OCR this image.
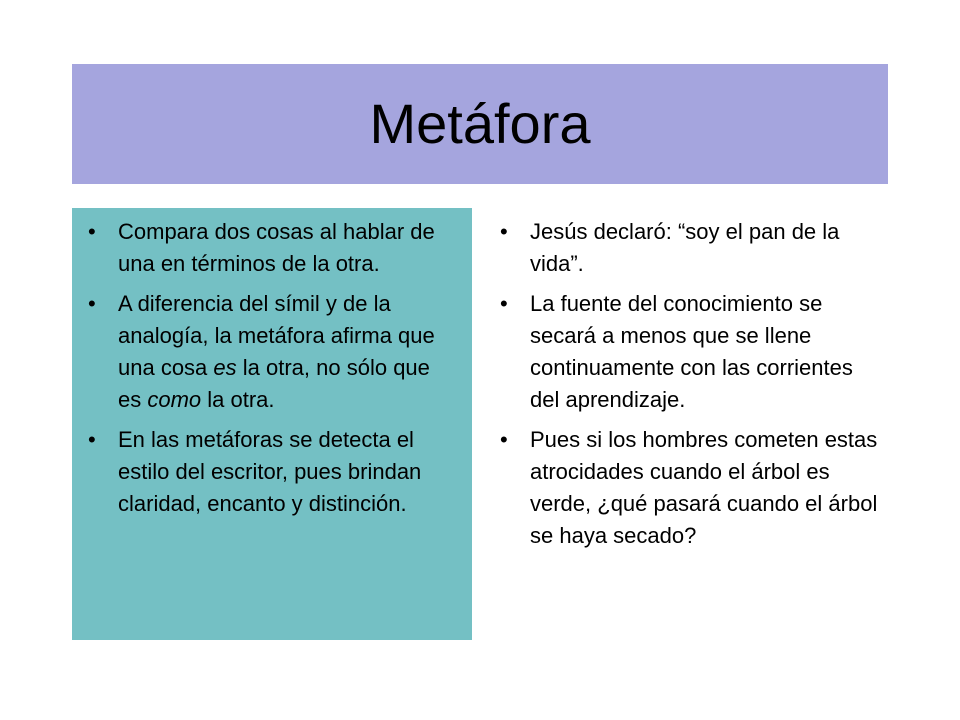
Metáfora
• Compara dos cosas al hablar de una en términos de la otra.
• A diferencia del símil y de la analogía, la metáfora afirma que una cosa es la otra, no sólo que es como la otra.
• En las metáforas se detecta el estilo del escritor, pues brindan claridad, encanto y distinción.
• Jesús declaró: “soy el pan de la vida”.
• La fuente del conocimiento se secará a menos que se llene continuamente con las corrientes del aprendizaje.
• Pues si los hombres cometen estas atrocidades cuando el árbol es verde, ¿qué pasará cuando el árbol se haya secado?
